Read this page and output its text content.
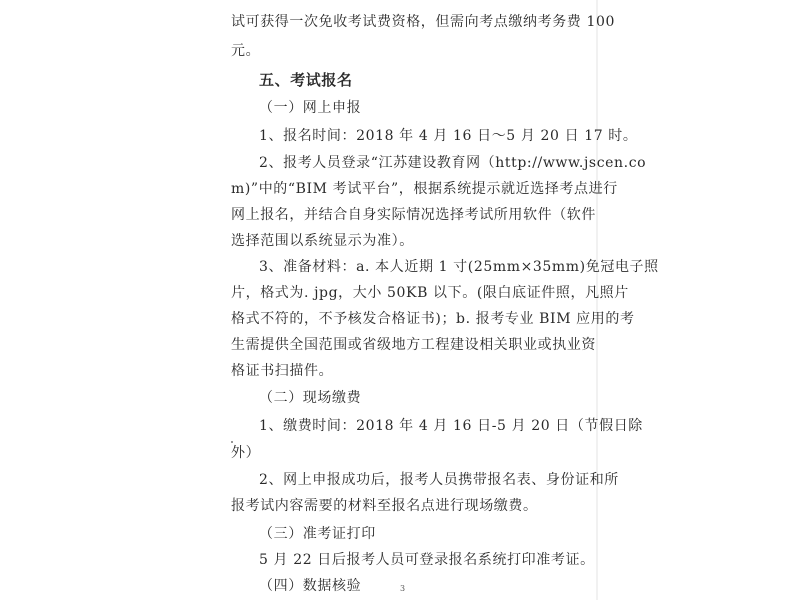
试可获得一次免收考试费资格，但需向考点缴纳考务费 100
元。
五、考试报名
（一）网上申报
1、报名时间：2018 年 4 月 16 日～5 月 20 日 17 时。
2、报考人员登录“江苏建设教育网（http://www.jscen.co
m)”中的“BIM 考试平台”，根据系统提示就近选择考点进行
网上报名，并结合自身实际情况选择考试所用软件（软件
选择范围以系统显示为准）。
3、准备材料：a. 本人近期 1 寸(25mm×35mm)免冠电子照
片，格式为. jpg，大小 50KB 以下。(限白底证件照，凡照片
格式不符的，不予核发合格证书)；b. 报考专业 BIM 应用的考
生需提供全国范围或省级地方工程建设相关职业或执业资
格证书扫描件。
（二）现场缴费
1、缴费时间：2018 年 4 月 16 日-5 月 20 日（节假日除
外）
2、网上申报成功后，报考人员携带报名表、身份证和所
报考试内容需要的材料至报名点进行现场缴费。
（三）准考证打印
5 月 22 日后报考人员可登录报名系统打印准考证。
（四）数据核验	3
